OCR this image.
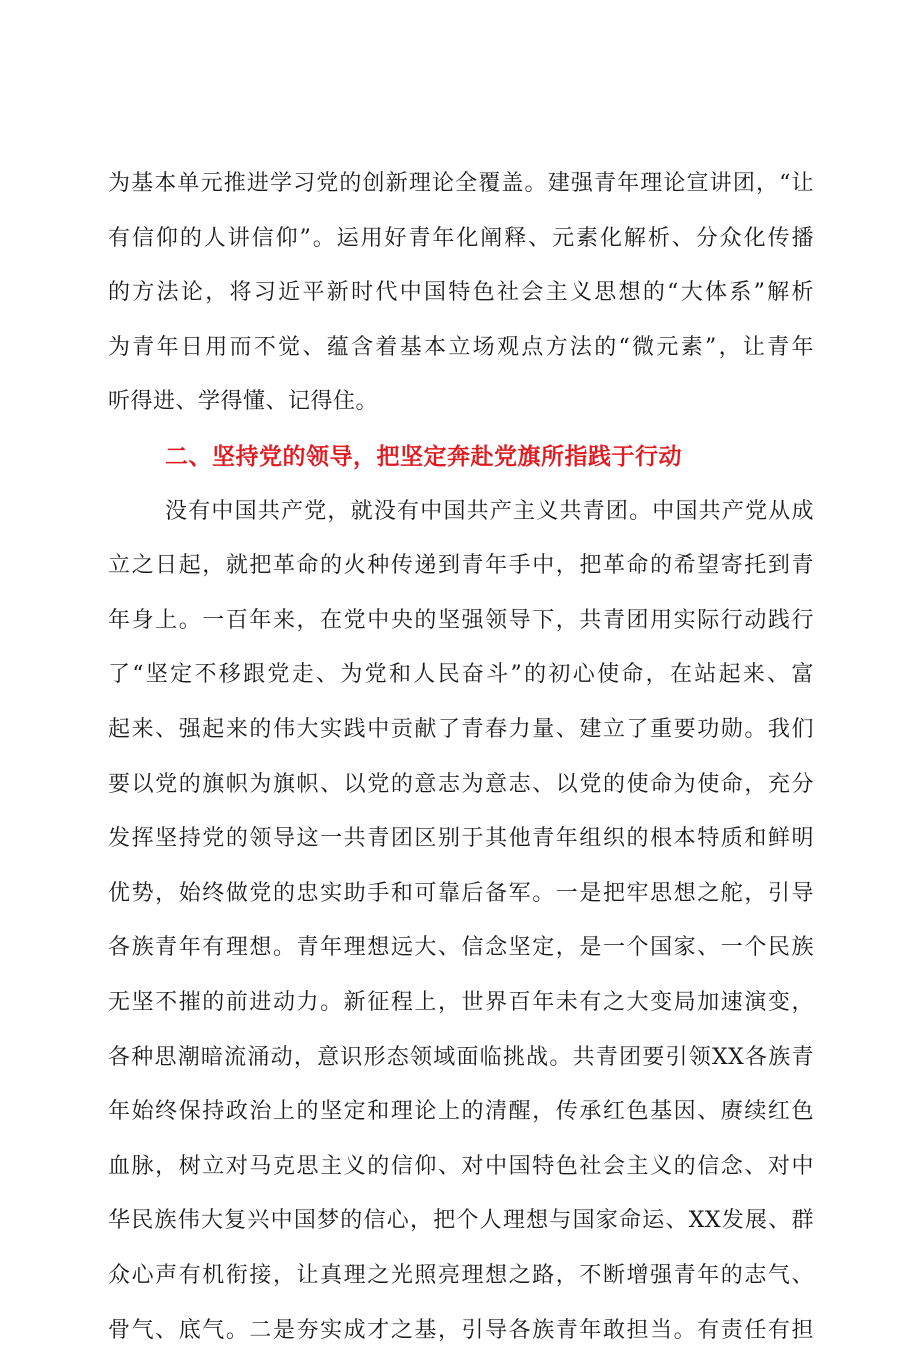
为基本单元推进学习党的创新理论全覆盖。建强青年理论宣讲团，“让
有信仰的人讲信仰”。运用好青年化阐释、元素化解析、分众化传播
的方法论，将习近平新时代中国特色社会主义思想的“大体系”解析
为青年日用而不觉、蕴含着基本立场观点方法的“微元素”，让青年
听得进、学得懂、记得住。
二、坚持党的领导，把坚定奔赴党旗所指践于行动
没有中国共产党，就没有中国共产主义共青团。中国共产党从成
立之日起，就把革命的火种传递到青年手中，把革命的希望寄托到青
年身上。一百年来，在党中央的坚强领导下，共青团用实际行动践行
了“坚定不移跟党走、为党和人民奋斗”的初心使命，在站起来、富
起来、强起来的伟大实践中贡献了青春力量、建立了重要功勋。我们
要以党的旗帜为旗帜、以党的意志为意志、以党的使命为使命，充分
发挥坚持党的领导这一共青团区别于其他青年组织的根本特质和鲜明
优势，始终做党的忠实助手和可靠后备军。一是把牢思想之舵，引导
各族青年有理想。青年理想远大、信念坚定，是一个国家、一个民族
无坚不摧的前进动力。新征程上，世界百年未有之大变局加速演变，
各种思潮暗流涌动，意识形态领域面临挑战。共青团要引领XX各族青
年始终保持政治上的坚定和理论上的清醒，传承红色基因、赓续红色
血脉，树立对马克思主义的信仰、对中国特色社会主义的信念、对中
华民族伟大复兴中国梦的信心，把个人理想与国家命运、XX发展、群
众心声有机衔接，让真理之光照亮理想之路，不断增强青年的志气、
骨气、底气。二是夯实成才之基，引导各族青年敢担当。有责任有担
